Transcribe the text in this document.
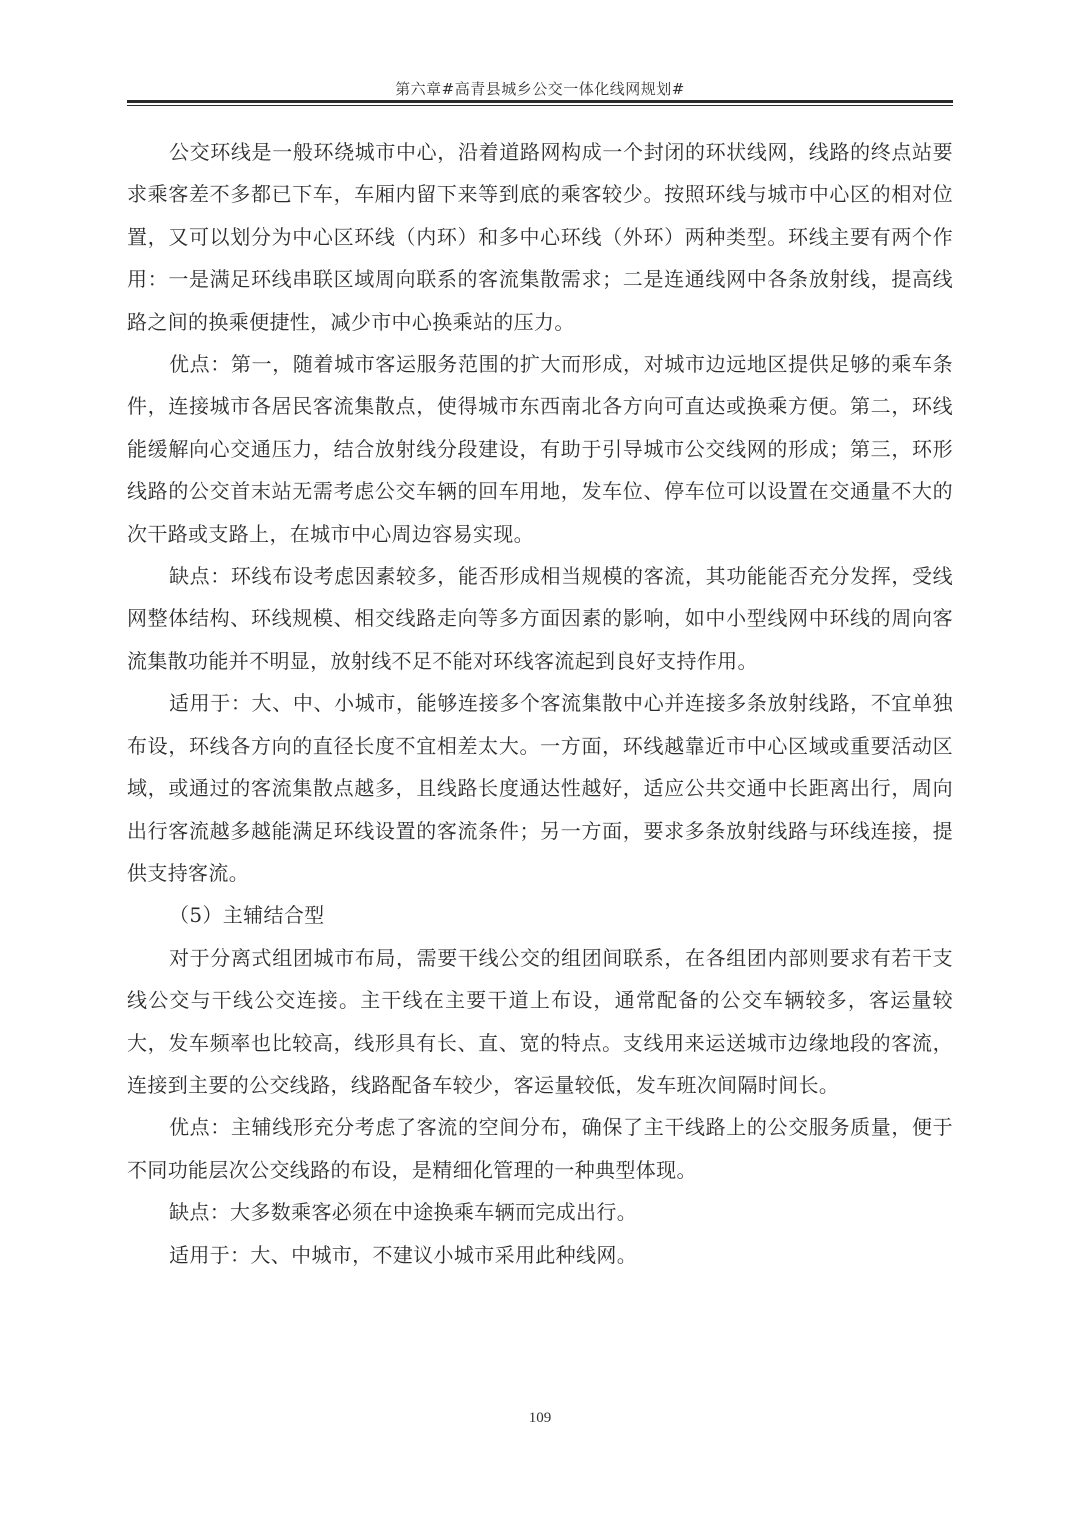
第六章#高青县城乡公交一体化线网规划#

公交环线是一般环绕城市中心，沿着道路网构成一个封闭的环状线网，线路的终点站要求乘客差不多都已下车，车厢内留下来等到底的乘客较少。按照环线与城市中心区的相对位置，又可以划分为中心区环线（内环）和多中心环线（外环）两种类型。环线主要有两个作用：一是满足环线串联区域周向联系的客流集散需求；二是连通线网中各条放射线，提高线路之间的换乘便捷性，减少市中心换乘站的压力。

优点：第一，随着城市客运服务范围的扩大而形成，对城市边远地区提供足够的乘车条件，连接城市各居民客流集散点，使得城市东西南北各方向可直达或换乘方便。第二，环线能缓解向心交通压力，结合放射线分段建设，有助于引导城市公交线网的形成；第三，环形线路的公交首末站无需考虑公交车辆的回车用地，发车位、停车位可以设置在交通量不大的次干路或支路上，在城市中心周边容易实现。

缺点：环线布设考虑因素较多，能否形成相当规模的客流，其功能能否充分发挥，受线网整体结构、环线规模、相交线路走向等多方面因素的影响，如中小型线网中环线的周向客流集散功能并不明显，放射线不足不能对环线客流起到良好支持作用。

适用于：大、中、小城市，能够连接多个客流集散中心并连接多条放射线路，不宜单独布设，环线各方向的直径长度不宜相差太大。一方面，环线越靠近市中心区域或重要活动区域，或通过的客流集散点越多，且线路长度通达性越好，适应公共交通中长距离出行，周向出行客流越多越能满足环线设置的客流条件；另一方面，要求多条放射线路与环线连接，提供支持客流。

（5）主辅结合型

对于分离式组团城市布局，需要干线公交的组团间联系，在各组团内部则要求有若干支线公交与干线公交连接。主干线在主要干道上布设，通常配备的公交车辆较多，客运量较大，发车频率也比较高，线形具有长、直、宽的特点。支线用来运送城市边缘地段的客流，连接到主要的公交线路，线路配备车较少，客运量较低，发车班次间隔时间长。

优点：主辅线形充分考虑了客流的空间分布，确保了主干线路上的公交服务质量，便于不同功能层次公交线路的布设，是精细化管理的一种典型体现。

缺点：大多数乘客必须在中途换乘车辆而完成出行。

适用于：大、中城市，不建议小城市采用此种线网。

109
